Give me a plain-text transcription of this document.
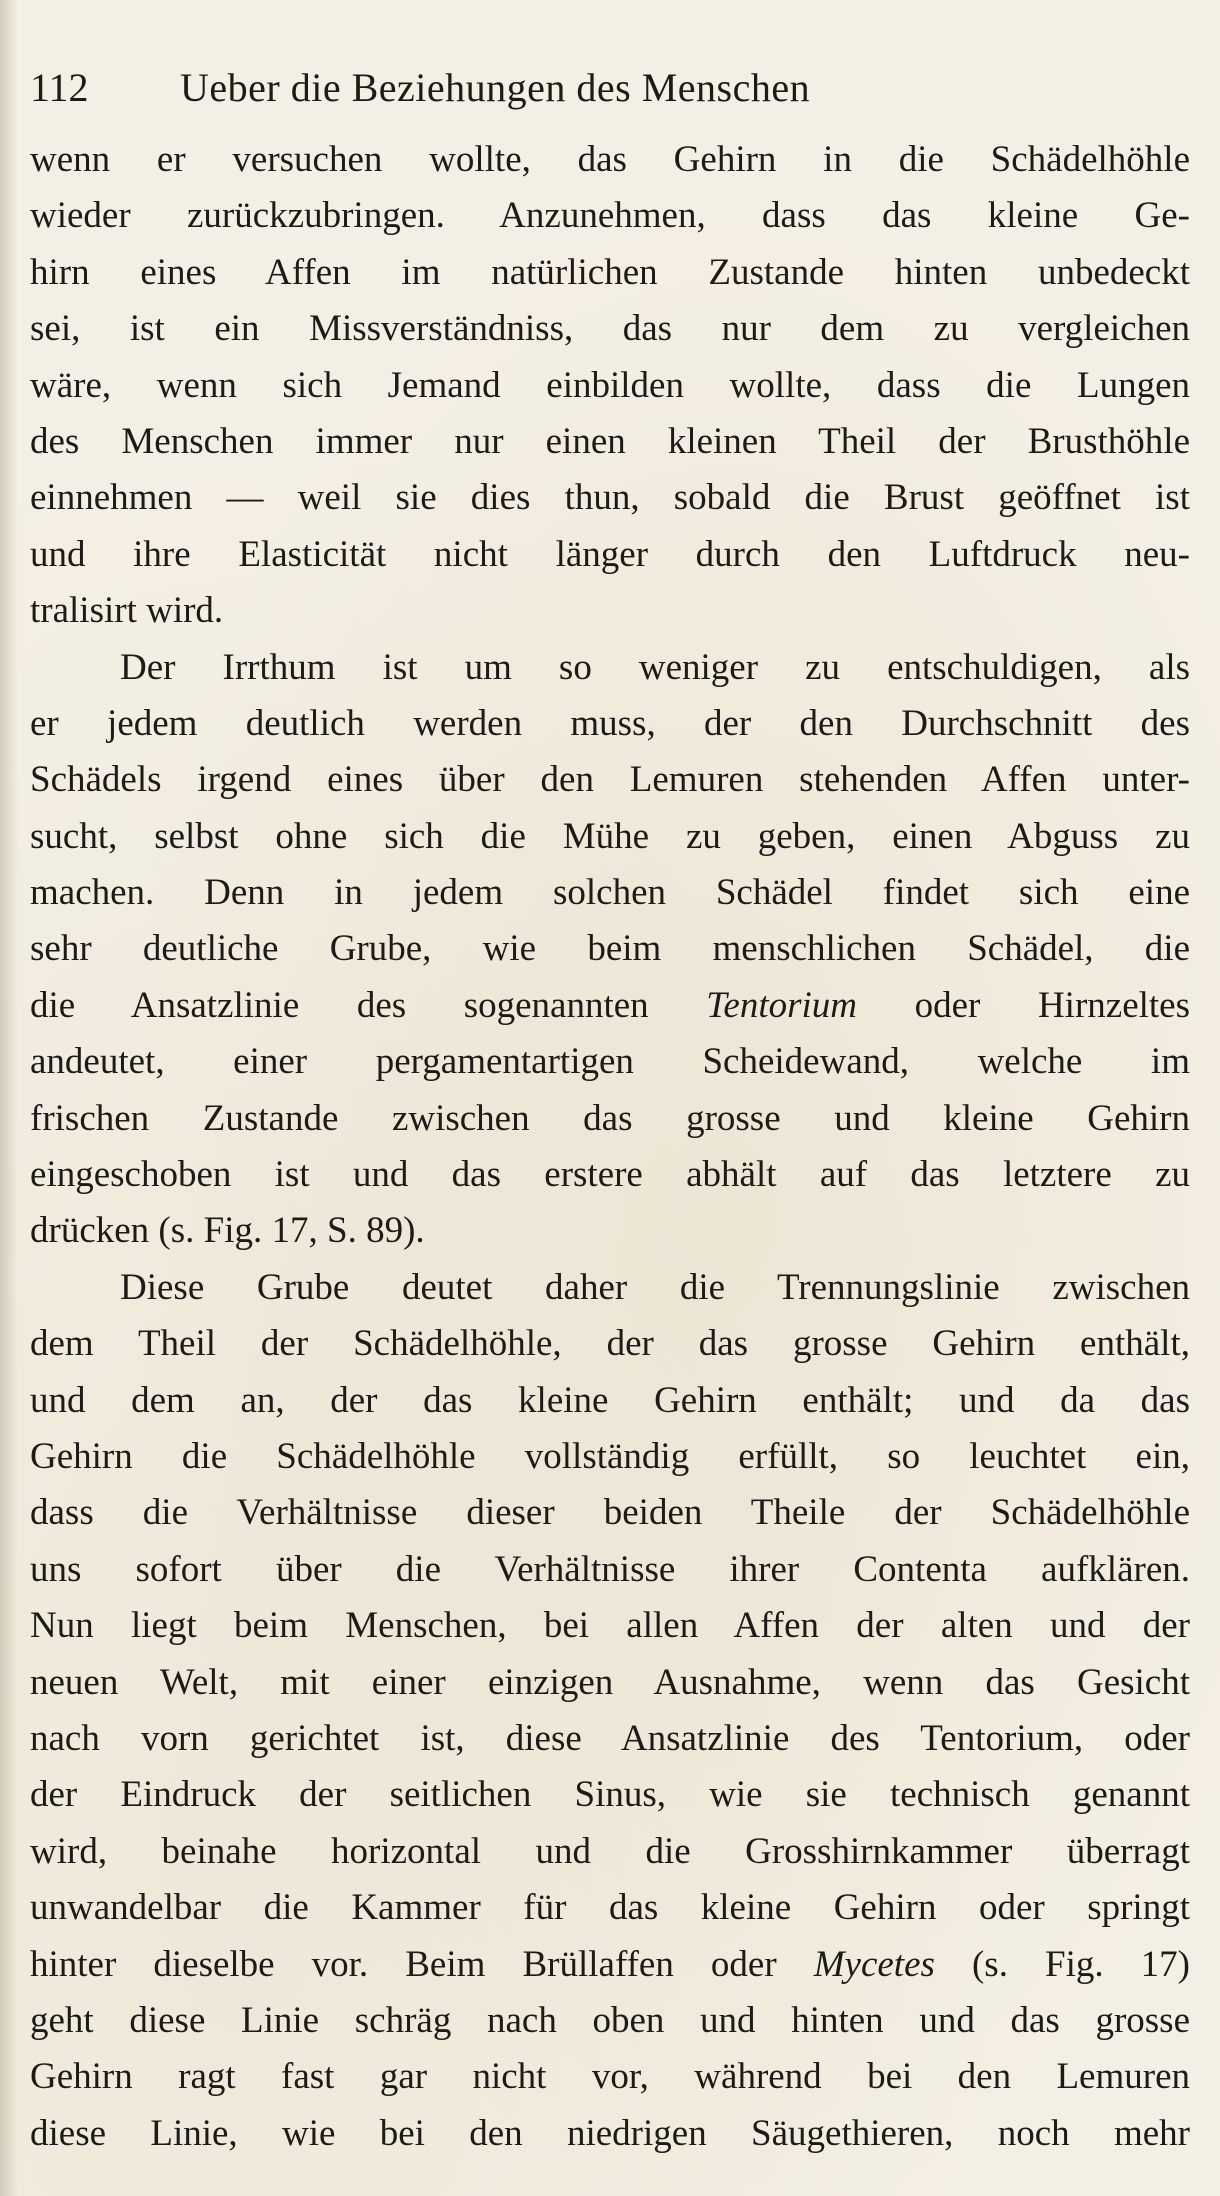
112 Ueber die Beziehungen des Menschen
wenn er versuchen wollte, das Gehirn in die Schädelhöhle
wieder zurückzubringen. Anzunehmen, dass das kleine Ge-
hirn eines Affen im natürlichen Zustande hinten unbedeckt
sei, ist ein Missverständniss, das nur dem zu vergleichen
wäre, wenn sich Jemand einbilden wollte, dass die Lungen
des Menschen immer nur einen kleinen Theil der Brusthöhle
einnehmen — weil sie dies thun, sobald die Brust geöffnet ist
und ihre Elasticität nicht länger durch den Luftdruck neu-
tralisirt wird.
Der Irrthum ist um so weniger zu entschuldigen, als
er jedem deutlich werden muss, der den Durchschnitt des
Schädels irgend eines über den Lemuren stehenden Affen unter-
sucht, selbst ohne sich die Mühe zu geben, einen Abguss zu
machen. Denn in jedem solchen Schädel findet sich eine
sehr deutliche Grube, wie beim menschlichen Schädel, die
die Ansatzlinie des sogenannten Tentorium oder Hirnzeltes
andeutet, einer pergamentartigen Scheidewand, welche im
frischen Zustande zwischen das grosse und kleine Gehirn
eingeschoben ist und das erstere abhält auf das letztere zu
drücken (s. Fig. 17, S. 89).
Diese Grube deutet daher die Trennungslinie zwischen
dem Theil der Schädelhöhle, der das grosse Gehirn enthält,
und dem an, der das kleine Gehirn enthält; und da das
Gehirn die Schädelhöhle vollständig erfüllt, so leuchtet ein,
dass die Verhältnisse dieser beiden Theile der Schädelhöhle
uns sofort über die Verhältnisse ihrer Contenta aufklären.
Nun liegt beim Menschen, bei allen Affen der alten und der
neuen Welt, mit einer einzigen Ausnahme, wenn das Gesicht
nach vorn gerichtet ist, diese Ansatzlinie des Tentorium, oder
der Eindruck der seitlichen Sinus, wie sie technisch genannt
wird, beinahe horizontal und die Grosshirnkammer überragt
unwandelbar die Kammer für das kleine Gehirn oder springt
hinter dieselbe vor. Beim Brüllaffen oder Mycetes (s. Fig. 17)
geht diese Linie schräg nach oben und hinten und das grosse
Gehirn ragt fast gar nicht vor, während bei den Lemuren
diese Linie, wie bei den niedrigen Säugethieren, noch mehr
